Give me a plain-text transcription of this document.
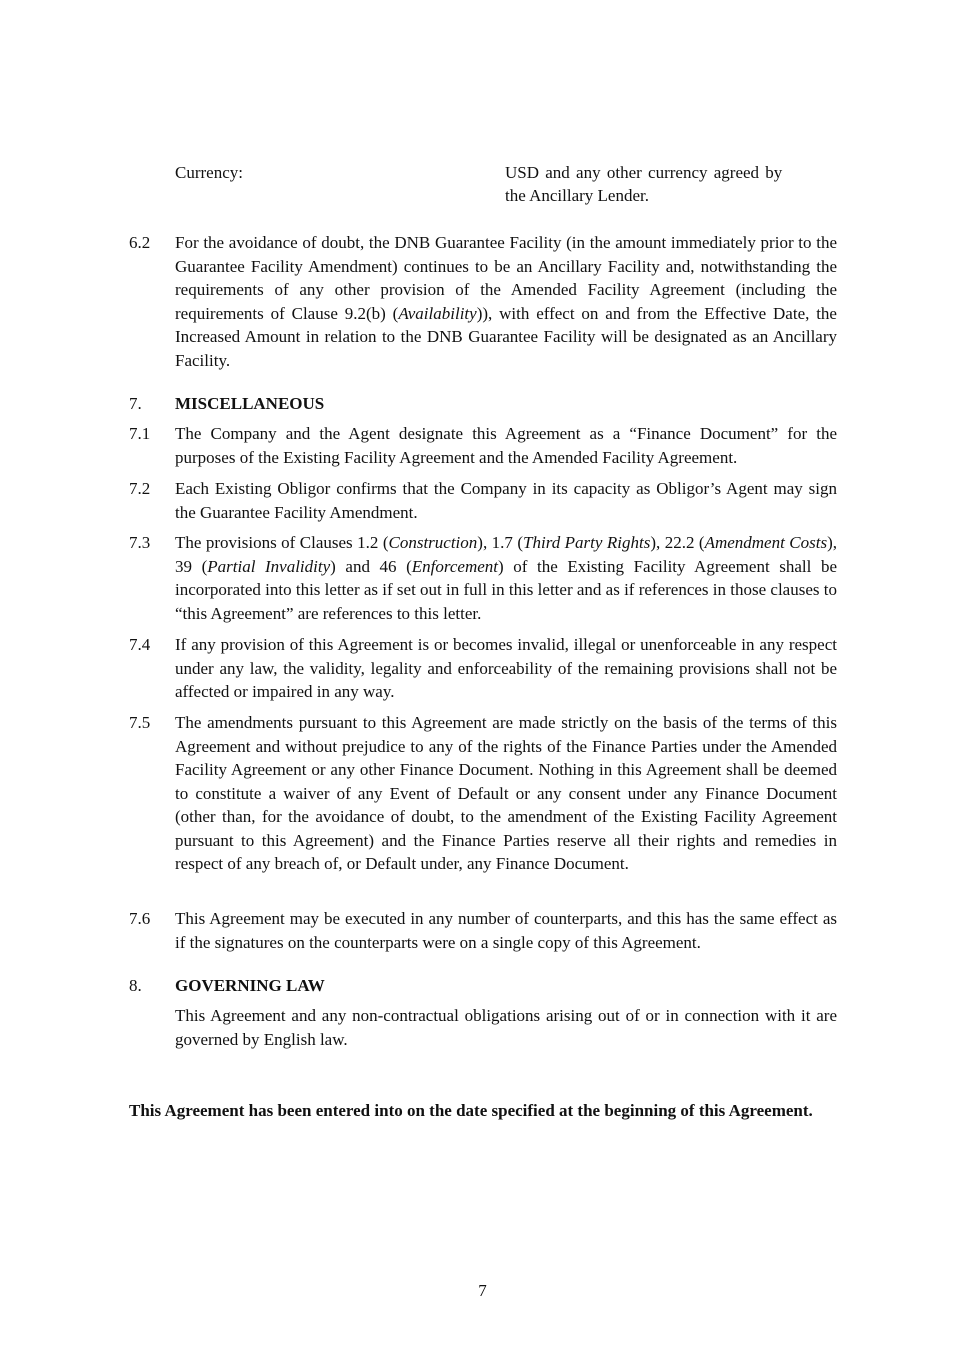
Currency:	USD and any other currency agreed by
the Ancillary Lender.
6.2 For the avoidance of doubt, the DNB Guarantee Facility (in the amount immediately prior to the Guarantee Facility Amendment) continues to be an Ancillary Facility and, notwithstanding the requirements of any other provision of the Amended Facility Agreement (including the requirements of Clause 9.2(b) (Availability)), with effect on and from the Effective Date, the Increased Amount in relation to the DNB Guarantee Facility will be designated as an Ancillary Facility.
7. MISCELLANEOUS
7.1 The Company and the Agent designate this Agreement as a “Finance Document” for the purposes of the Existing Facility Agreement and the Amended Facility Agreement.
7.2 Each Existing Obligor confirms that the Company in its capacity as Obligor’s Agent may sign the Guarantee Facility Amendment.
7.3 The provisions of Clauses 1.2 (Construction), 1.7 (Third Party Rights), 22.2 (Amendment Costs), 39 (Partial Invalidity) and 46 (Enforcement) of the Existing Facility Agreement shall be incorporated into this letter as if set out in full in this letter and as if references in those clauses to “this Agreement” are references to this letter.
7.4 If any provision of this Agreement is or becomes invalid, illegal or unenforceable in any respect under any law, the validity, legality and enforceability of the remaining provisions shall not be affected or impaired in any way.
7.5 The amendments pursuant to this Agreement are made strictly on the basis of the terms of this Agreement and without prejudice to any of the rights of the Finance Parties under the Amended Facility Agreement or any other Finance Document. Nothing in this Agreement shall be deemed to constitute a waiver of any Event of Default or any consent under any Finance Document (other than, for the avoidance of doubt, to the amendment of the Existing Facility Agreement pursuant to this Agreement) and the Finance Parties reserve all their rights and remedies in respect of any breach of, or Default under, any Finance Document.
7.6 This Agreement may be executed in any number of counterparts, and this has the same effect as if the signatures on the counterparts were on a single copy of this Agreement.
8. GOVERNING LAW
This Agreement and any non-contractual obligations arising out of or in connection with it are governed by English law.
This Agreement has been entered into on the date specified at the beginning of this Agreement.
7
